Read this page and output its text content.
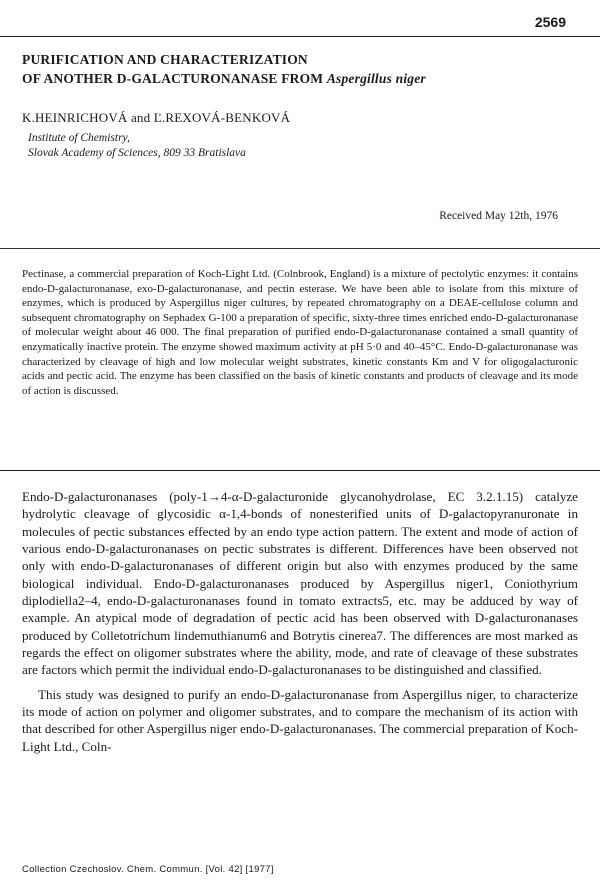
2569
PURIFICATION AND CHARACTERIZATION
OF ANOTHER D-GALACTURONANASE FROM Aspergillus niger
K.HEINRICHOVÁ and Ľ.REXOVÁ-BENKOVÁ
Institute of Chemistry,
Slovak Academy of Sciences, 809 33 Bratislava
Received May 12th, 1976
Pectinase, a commercial preparation of Koch-Light Ltd. (Colnbrook, England) is a mixture of pectolytic enzymes: it contains endo-D-galacturonanase, exo-D-galacturonanase, and pectin esterase. We have been able to isolate from this mixture of enzymes, which is produced by Aspergillus niger cultures, by repeated chromatography on a DEAE-cellulose column and subsequent chromatography on Sephadex G-100 a preparation of specific, sixty-three times enriched endo-D-galacturonanase of molecular weight about 46 000. The final preparation of purified endo-D-galacturonanase contained a small quantity of enzymatically inactive protein. The enzyme showed maximum activity at pH 5·0 and 40–45°C. Endo-D-galacturonanase was characterized by cleavage of high and low molecular weight substrates, kinetic constants Km and V for oligogalacturonic acids and pectic acid. The enzyme has been classified on the basis of kinetic constants and products of cleavage and its mode of action is discussed.

Endo-D-galacturonanases (poly-1→4-α-D-galacturonide glycanohydrolase, EC 3.2.1.15) catalyze hydrolytic cleavage of glycosidic α-1,4-bonds of nonesterified units of D-galactopyranuronate in molecules of pectic substances effected by an endo type action pattern. The extent and mode of action of various endo-D-galacturonanases on pectic substrates is different. Differences have been observed not only with endo-D-galacturonanases of different origin but also with enzymes produced by the same biological individual. Endo-D-galacturonanases produced by Aspergillus niger1, Coniothyrium diplodiella2–4, endo-D-galacturonanases found in tomato extracts5, etc. may be adduced by way of example. An atypical mode of degradation of pectic acid has been observed with D-galacturonanases produced by Colletotrichum lindemuthianum6 and Botrytis cinerea7. The differences are most marked as regards the effect on oligomer substrates where the ability, mode, and rate of cleavage of these substrates are factors which permit the individual endo-D-galacturonanases to be distinguished and classified.

This study was designed to purify an endo-D-galacturonanase from Aspergillus niger, to characterize its mode of action on polymer and oligomer substrates, and to compare the mechanism of its action with that described for other Aspergillus niger endo-D-galacturonanases. The commercial preparation of Koch-Light Ltd., Coln-

Collection Czechoslov. Chem. Commun. [Vol. 42] [1977]
